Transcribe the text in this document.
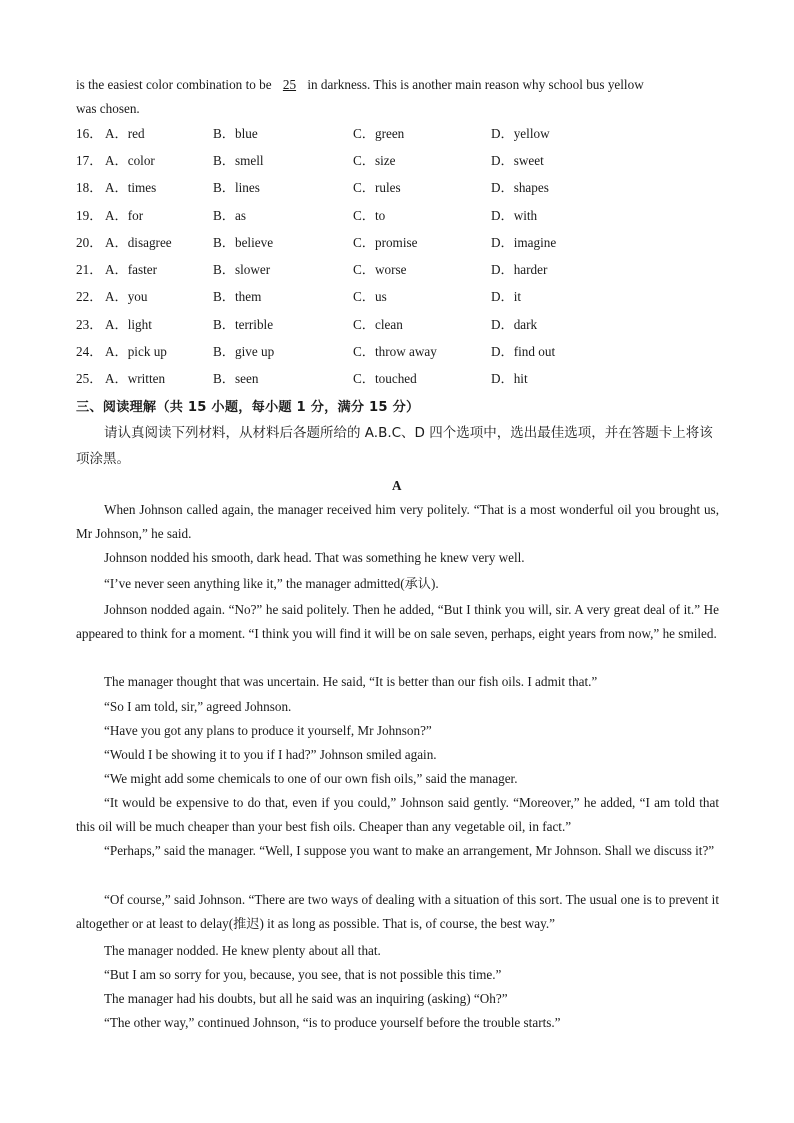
is the easiest color combination to be 25 in darkness. This is another main reason why school bus yellow
was chosen.
16． A．red	B．blue	C．green	D．yellow
17． A．color	B．smell	C．size	D．sweet
18． A．times	B．lines	C．rules	D．shapes
19． A．for	B．as	C．to	D．with
20． A．disagree	B．believe	C．promise	D．imagine
21． A．faster	B．slower	C．worse	D．harder
22． A．you	B．them	C．us	D．it
23． A．light	B．terrible	C．clean	D．dark
24． A．pick up	B．give up	C．throw away	D．find out
25． A．written	B．seen	C．touched	D．hit
三、阅读理解（共 15 小题，每小题 1 分，满分 15 分）
请认真阅读下列材料，从材料后各题所给的 A.B.C、D 四个选项中，选出最佳选项，并在答题卡上将该项涂黑。
A
When Johnson called again, the manager received him very politely. “That is a most wonderful oil you brought us, Mr Johnson,” he said.
Johnson nodded his smooth, dark head. That was something he knew very well.
“I’ve never seen anything like it,” the manager admitted(承认).
Johnson nodded again. “No?” he said politely. Then he added, “But I think you will, sir. A very great deal of it.” He appeared to think for a moment. “I think you will find it will be on sale seven, perhaps, eight years from now,” he smiled.
The manager thought that was uncertain. He said, “It is better than our fish oils. I admit that.”
“So I am told, sir,” agreed Johnson.
“Have you got any plans to produce it yourself, Mr Johnson?”
“Would I be showing it to you if I had?” Johnson smiled again.
“We might add some chemicals to one of our own fish oils,” said the manager.
“It would be expensive to do that, even if you could,” Johnson said gently. “Moreover,” he added, “I am told that this oil will be much cheaper than your best fish oils. Cheaper than any vegetable oil, in fact.”
“Perhaps,” said the manager. “Well, I suppose you want to make an arrangement, Mr Johnson. Shall we discuss it?”
“Of course,” said Johnson. “There are two ways of dealing with a situation of this sort. The usual one is to prevent it altogether or at least to delay(推迟) it as long as possible. That is, of course, the best way.”
The manager nodded. He knew plenty about all that.
“But I am so sorry for you, because, you see, that is not possible this time.”
The manager had his doubts, but all he said was an inquiring (asking) “Oh?”
“The other way,” continued Johnson, “is to produce yourself before the trouble starts.”
